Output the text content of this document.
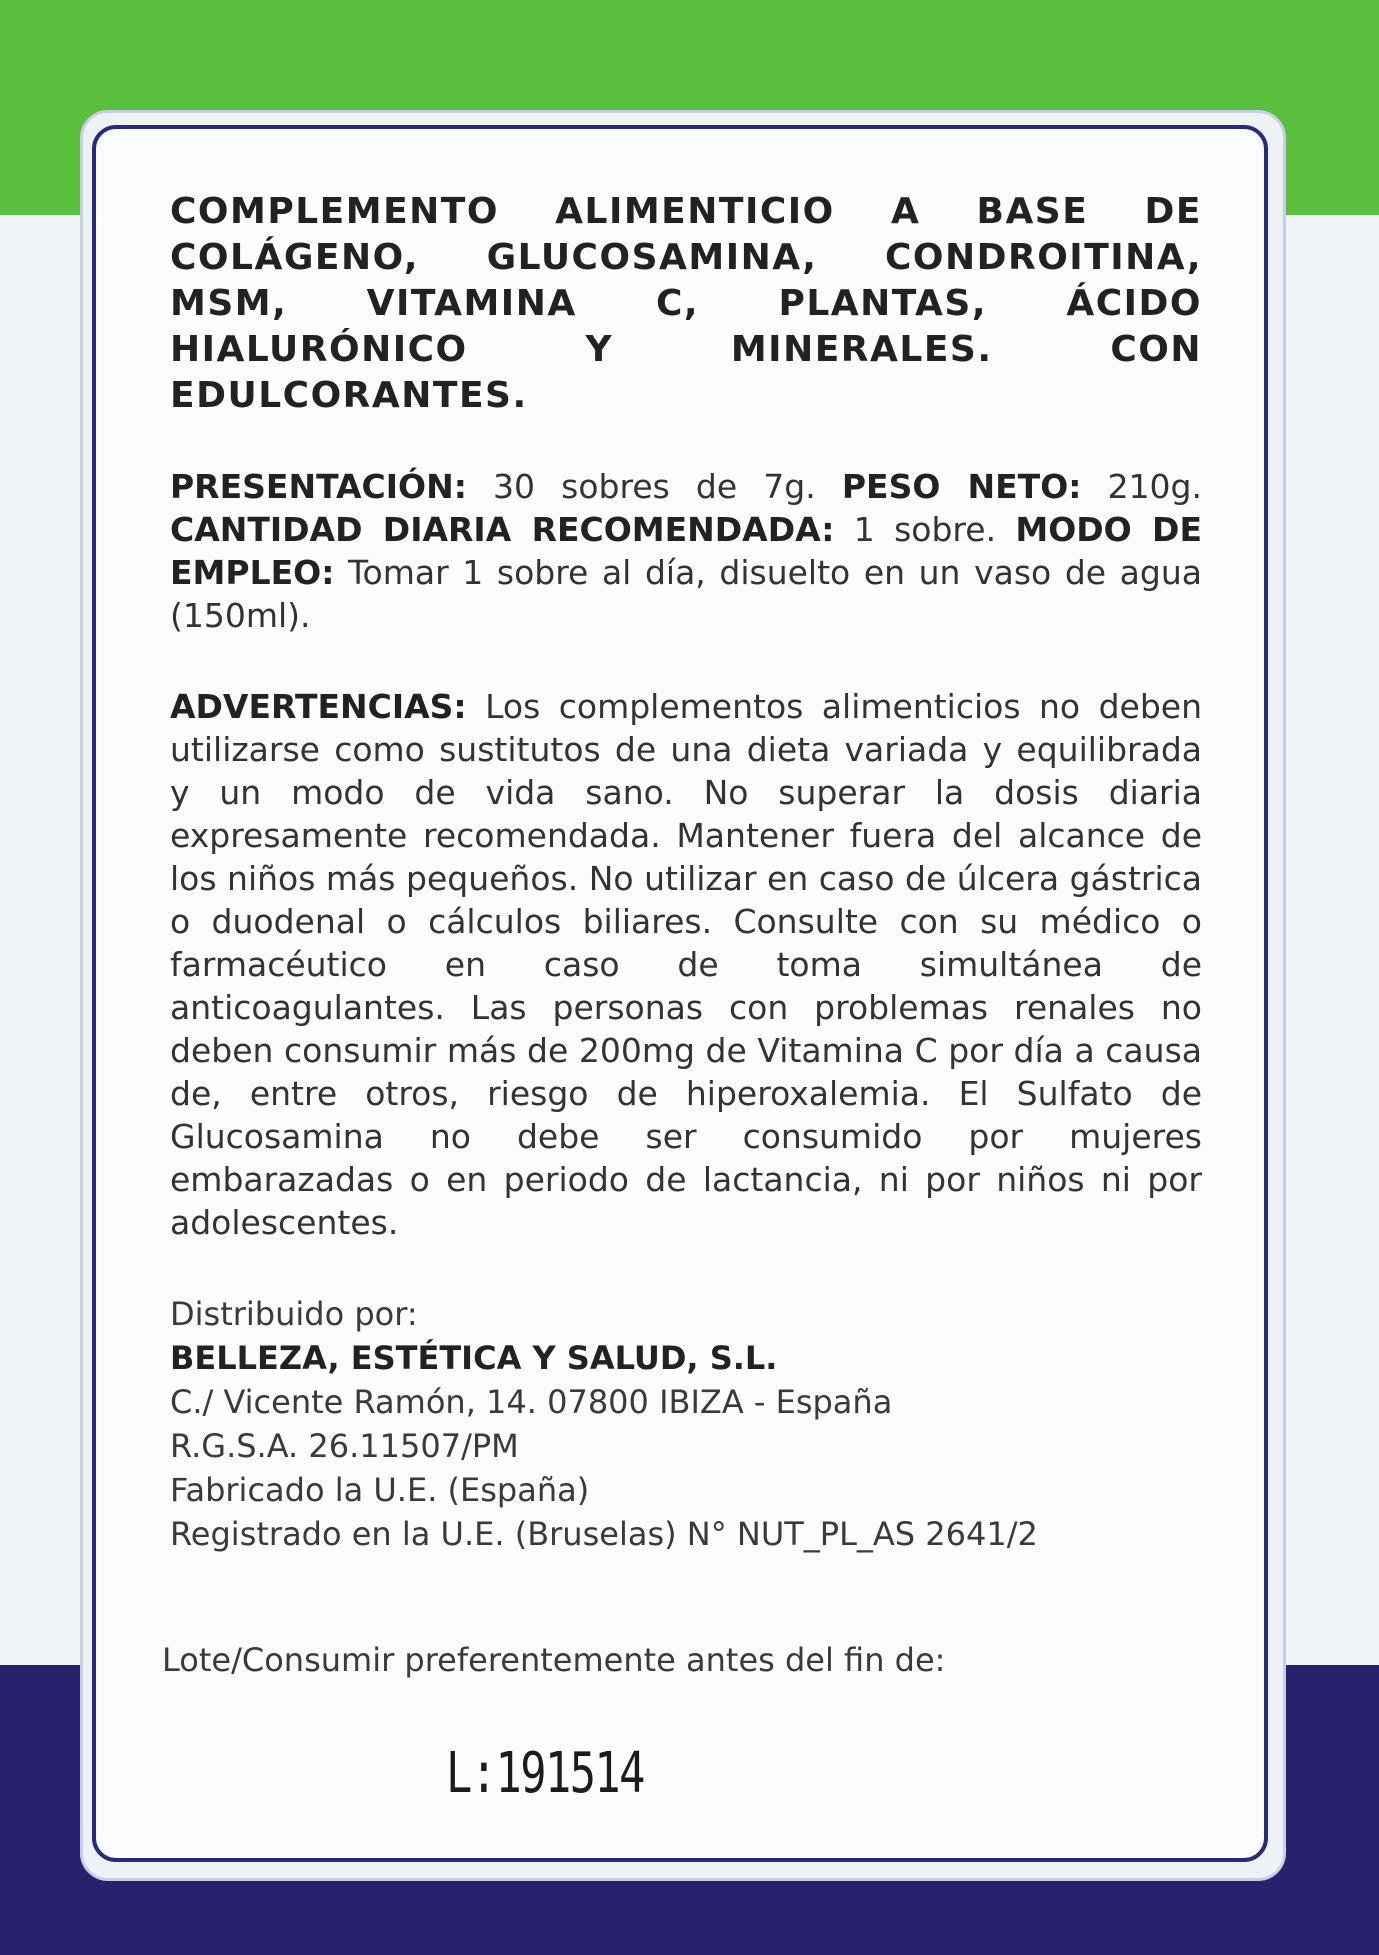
COMPLEMENTO ALIMENTICIO A BASE DE COLÁGENO, GLUCOSAMINA, CONDROITINA, MSM, VITAMINA C, PLANTAS, ÁCIDO HIALURÓNICO Y MINERALES. CON EDULCORANTES.

PRESENTACIÓN: 30 sobres de 7g. PESO NETO: 210g. CANTIDAD DIARIA RECOMENDADA: 1 sobre. MODO DE EMPLEO: Tomar 1 sobre al día, disuelto en un vaso de agua (150ml).

ADVERTENCIAS: Los complementos alimenticios no deben utilizarse como sustitutos de una dieta variada y equilibrada y un modo de vida sano. No superar la dosis diaria expresamente recomendada. Mantener fuera del alcance de los niños más pequeños. No utilizar en caso de úlcera gástrica o duodenal o cálculos biliares. Consulte con su médico o farmacéutico en caso de toma simultánea de anticoagulantes. Las personas con problemas renales no deben consumir más de 200mg de Vitamina C por día a causa de, entre otros, riesgo de hiperoxalemia. El Sulfato de Glucosamina no debe ser consumido por mujeres embarazadas o en periodo de lactancia, ni por niños ni por adolescentes.

Distribuido por:
BELLEZA, ESTÉTICA Y SALUD, S.L.
C./ Vicente Ramón, 14. 07800 IBIZA - España
R.G.S.A. 26.11507/PM
Fabricado la U.E. (España)
Registrado en la U.E. (Bruselas) N° NUT_PL_AS 2641/2
Lote/Consumir preferentemente antes del fin de:
L:191514
